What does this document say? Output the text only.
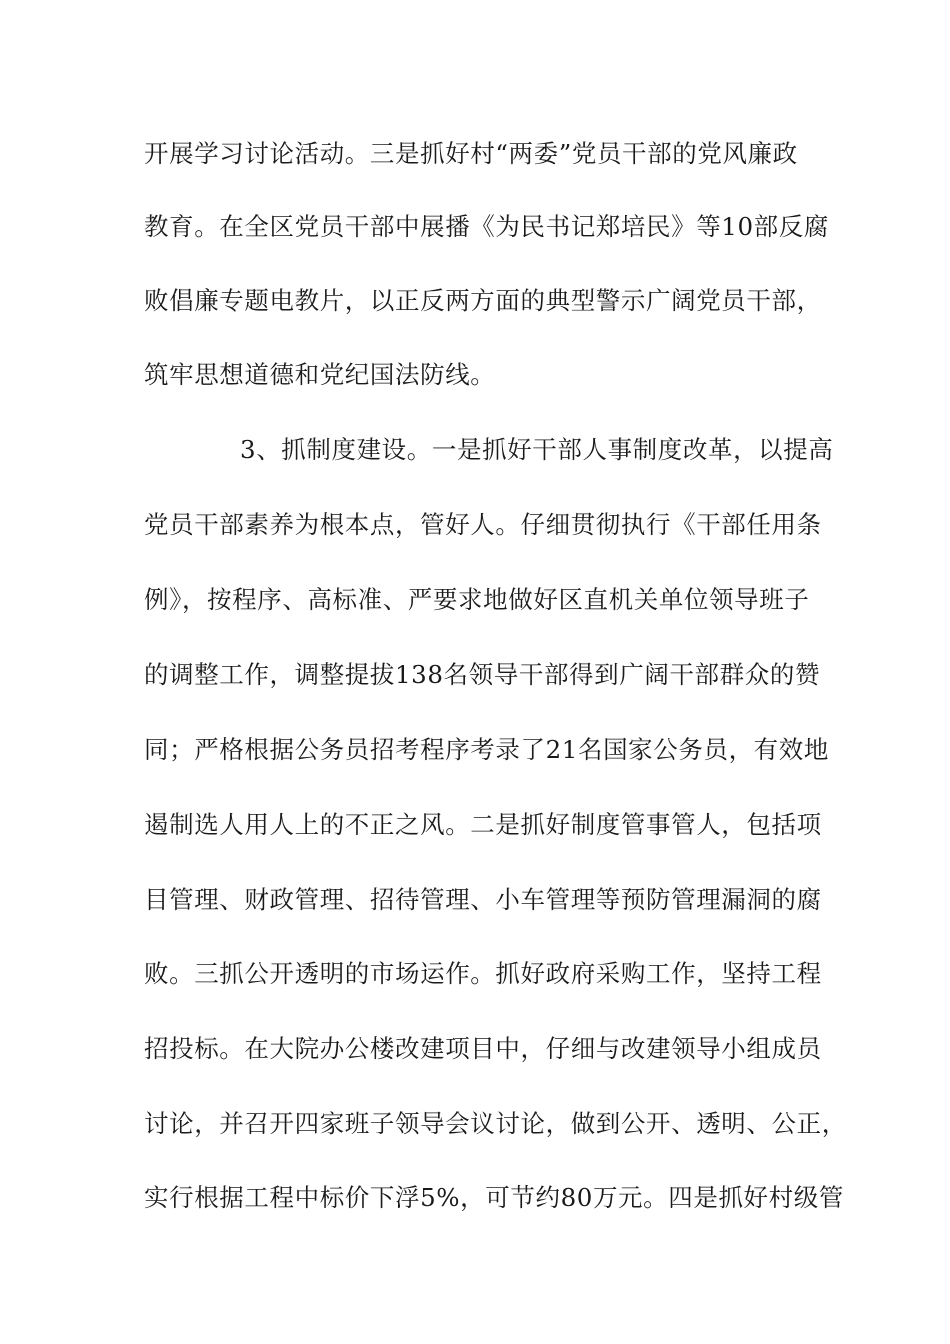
开展学习讨论活动。三是抓好村“两委”党员干部的党风廉政
教育。在全区党员干部中展播《为民书记郑培民》等10部反腐
败倡廉专题电教片，以正反两方面的典型警示广阔党员干部，
筑牢思想道德和党纪国法防线。
3、抓制度建设。一是抓好干部人事制度改革，以提高
党员干部素养为根本点，管好人。仔细贯彻执行《干部任用条
例》，按程序、高标准、严要求地做好区直机关单位领导班子
的调整工作，调整提拔138名领导干部得到广阔干部群众的赞
同；严格根据公务员招考程序考录了21名国家公务员，有效地
遏制选人用人上的不正之风。二是抓好制度管事管人，包括项
目管理、财政管理、招待管理、小车管理等预防管理漏洞的腐
败。三抓公开透明的市场运作。抓好政府采购工作，坚持工程
招投标。在大院办公楼改建项目中，仔细与改建领导小组成员
讨论，并召开四家班子领导会议讨论，做到公开、透明、公正，
实行根据工程中标价下浮5%，可节约80万元。四是抓好村级管
